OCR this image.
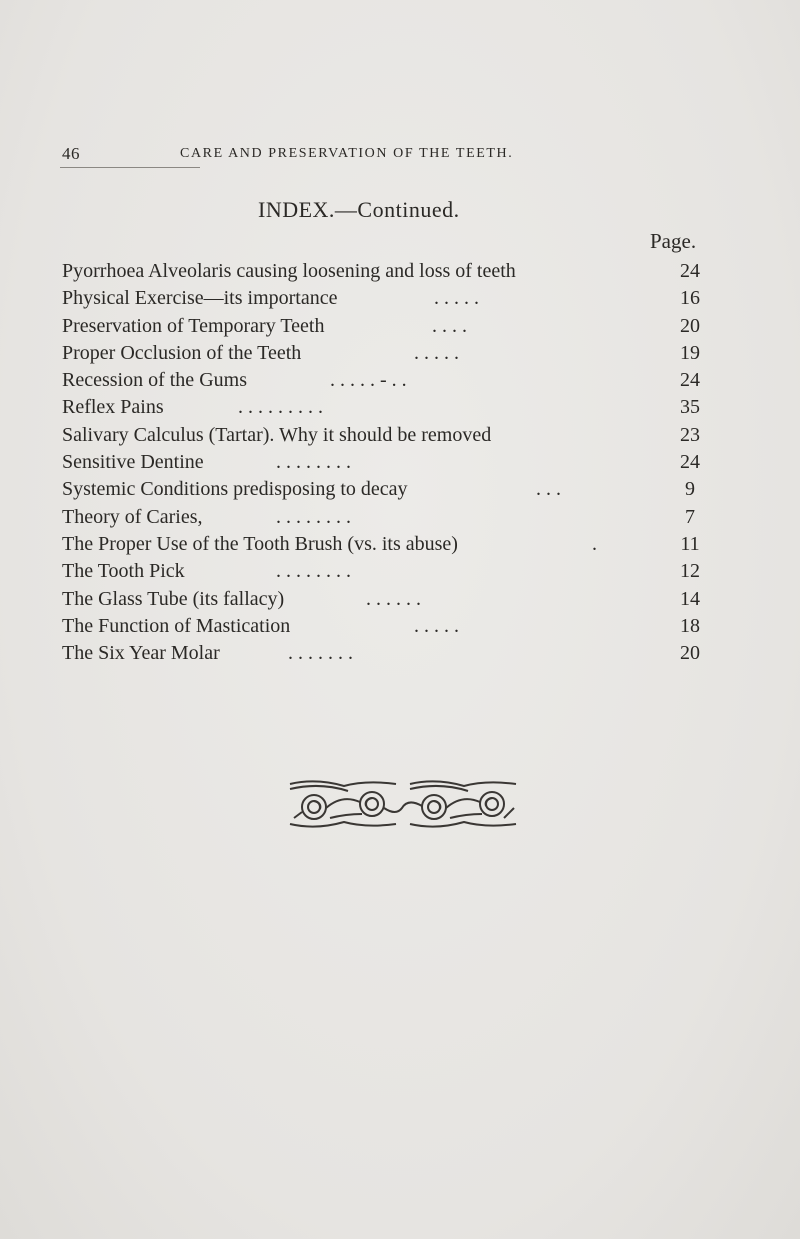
46	CARE AND PRESERVATION OF THE TEETH.
INDEX.—Continued.
Page.
Pyorrhoea Alveolaris causing loosening and loss of teeth	24
Physical Exercise—its importance	. . . . .	16
Preservation of Temporary Teeth	. . . .	20
Proper Occlusion of the Teeth	. . . . .	19
Recession of the Gums	. . . . . - . .	24
Reflex Pains	. . . . . . . . .	35
Salivary Calculus (Tartar). Why it should be removed	23
Sensitive Dentine	. . . . . . . .	24
Systemic Conditions predisposing to decay	. . .	9
Theory of Caries,	. . . . . . . .	7
The Proper Use of the Tooth Brush (vs. its abuse)	.	11
The Tooth Pick	. . . . . . . .	12
The Glass Tube (its fallacy)	. . . . . .	14
The Function of Mastication	. . . . .	18
The Six Year Molar	. . . . . . .	20
